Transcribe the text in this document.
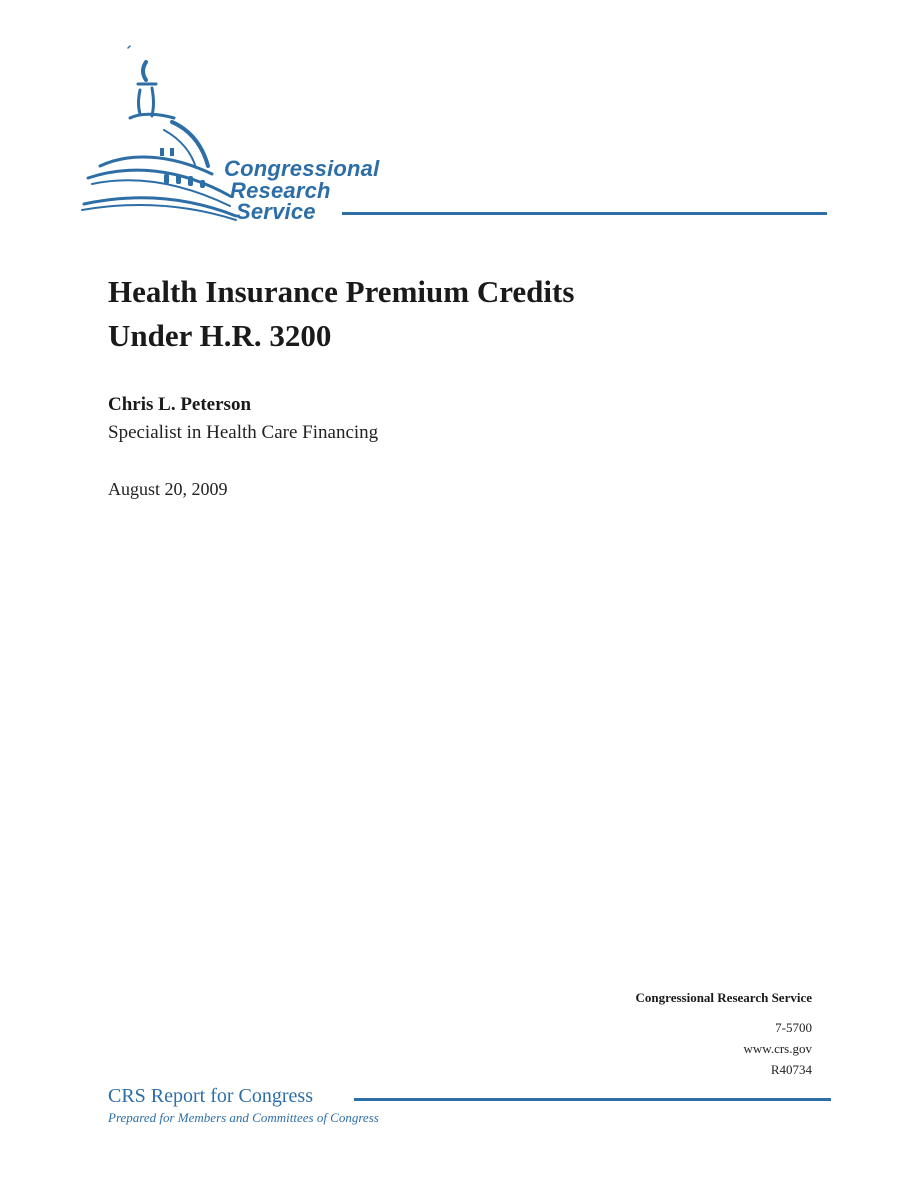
Congressional
Research
Service
Health Insurance Premium Credits
Under H.R. 3200
Chris L. Peterson
Specialist in Health Care Financing
August 20, 2009
Congressional Research Service
7-5700
www.crs.gov
R40734
CRS Report for Congress
Prepared for Members and Committees of Congress
